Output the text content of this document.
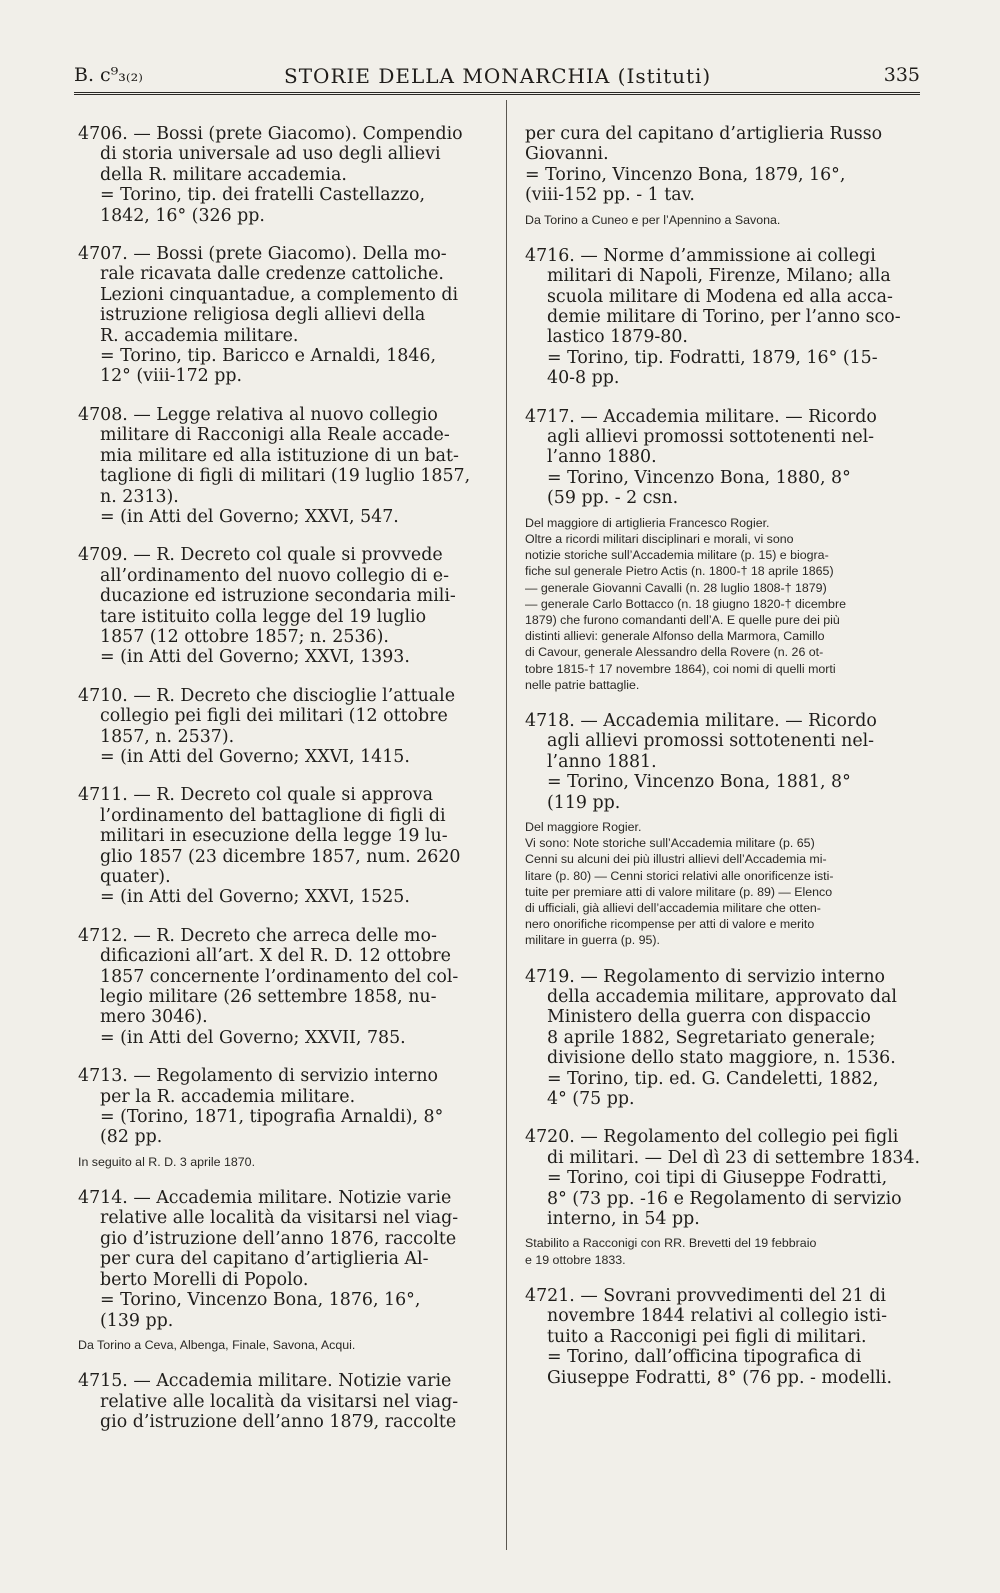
B. c⁹₃₍₂₎	STORIE DELLA MONARCHIA (Istituti)	335
4706. — Bossi (prete Giacomo). Compendio
di storia universale ad uso degli allievi
della R. militare accademia.
= Torino, tip. dei fratelli Castellazzo,
1842, 16° (326 pp.
4707. — Bossi (prete Giacomo). Della mo-
rale ricavata dalle credenze cattoliche.
Lezioni cinquantadue, a complemento di
istruzione religiosa degli allievi della
R. accademia militare.
= Torino, tip. Baricco e Arnaldi, 1846,
12° (viii-172 pp.
4708. — Legge relativa al nuovo collegio
militare di Racconigi alla Reale accade-
mia militare ed alla istituzione di un bat-
taglione di figli di militari (19 luglio 1857,
n. 2313).
= (in Atti del Governo; XXVI, 547.
4709. — R. Decreto col quale si provvede
all’ordinamento del nuovo collegio di e-
ducazione ed istruzione secondaria mili-
tare istituito colla legge del 19 luglio
1857 (12 ottobre 1857; n. 2536).
= (in Atti del Governo; XXVI, 1393.
4710. — R. Decreto che discioglie l’attuale
collegio pei figli dei militari (12 ottobre
1857, n. 2537).
= (in Atti del Governo; XXVI, 1415.
4711. — R. Decreto col quale si approva
l’ordinamento del battaglione di figli di
militari in esecuzione della legge 19 lu-
glio 1857 (23 dicembre 1857, num. 2620
quater).
= (in Atti del Governo; XXVI, 1525.
4712. — R. Decreto che arreca delle mo-
dificazioni all’art. X del R. D. 12 ottobre
1857 concernente l’ordinamento del col-
legio militare (26 settembre 1858, nu-
mero 3046).
= (in Atti del Governo; XXVII, 785.
4713. — Regolamento di servizio interno
per la R. accademia militare.
= (Torino, 1871, tipografia Arnaldi), 8°
(82 pp.
In seguito al R. D. 3 aprile 1870.
4714. — Accademia militare. Notizie varie
relative alle località da visitarsi nel viag-
gio d’istruzione dell’anno 1876, raccolte
per cura del capitano d’artiglieria Al-
berto Morelli di Popolo.
= Torino, Vincenzo Bona, 1876, 16°,
(139 pp.
Da Torino a Ceva, Albenga, Finale, Savona, Acqui.
4715. — Accademia militare. Notizie varie
relative alle località da visitarsi nel viag-
gio d’istruzione dell’anno 1879, raccolte
per cura del capitano d’artiglieria Russo
Giovanni.
= Torino, Vincenzo Bona, 1879, 16°,
(viii-152 pp. - 1 tav.
Da Torino a Cuneo e per l’Apennino a Savona.
4716. — Norme d’ammissione ai collegi
militari di Napoli, Firenze, Milano; alla
scuola militare di Modena ed alla acca-
demie militare di Torino, per l’anno sco-
lastico 1879-80.
= Torino, tip. Fodratti, 1879, 16° (15-
40-8 pp.
4717. — Accademia militare. — Ricordo
agli allievi promossi sottotenenti nel-
l’anno 1880.
= Torino, Vincenzo Bona, 1880, 8°
(59 pp. - 2 csn.
Del maggiore di artiglieria Francesco Rogier.
Oltre a ricordi militari disciplinari e morali, vi sono
notizie storiche sull’Accademia militare (p. 15) e biogra-
fiche sul generale Pietro Actis (n. 1800-† 18 aprile 1865)
— generale Giovanni Cavalli (n. 28 luglio 1808-† 1879)
— generale Carlo Bottacco (n. 18 giugno 1820-† dicembre
1879) che furono comandanti dell’A. E quelle pure dei più
distinti allievi: generale Alfonso della Marmora, Camillo
di Cavour, generale Alessandro della Rovere (n. 26 ot-
tobre 1815-† 17 novembre 1864), coi nomi di quelli morti
nelle patrie battaglie.
4718. — Accademia militare. — Ricordo
agli allievi promossi sottotenenti nel-
l’anno 1881.
= Torino, Vincenzo Bona, 1881, 8°
(119 pp.
Del maggiore Rogier.
Vi sono: Note storiche sull’Accademia militare (p. 65)
Cenni su alcuni dei più illustri allievi dell’Accademia mi-
litare (p. 80) — Cenni storici relativi alle onorificenze isti-
tuite per premiare atti di valore militare (p. 89) — Elenco
di ufficiali, già allievi dell’accademia militare che otten-
nero onorifiche ricompense per atti di valore e merito
militare in guerra (p. 95).
4719. — Regolamento di servizio interno
della accademia militare, approvato dal
Ministero della guerra con dispaccio
8 aprile 1882, Segretariato generale;
divisione dello stato maggiore, n. 1536.
= Torino, tip. ed. G. Candeletti, 1882,
4° (75 pp.
4720. — Regolamento del collegio pei figli
di militari. — Del dì 23 di settembre 1834.
= Torino, coi tipi di Giuseppe Fodratti,
8° (73 pp. -16 e Regolamento di servizio
interno, in 54 pp.
Stabilito a Racconigi con RR. Brevetti del 19 febbraio
e 19 ottobre 1833.
4721. — Sovrani provvedimenti del 21 di
novembre 1844 relativi al collegio isti-
tuito a Racconigi pei figli di militari.
= Torino, dall’officina tipografica di
Giuseppe Fodratti, 8° (76 pp. - modelli.
